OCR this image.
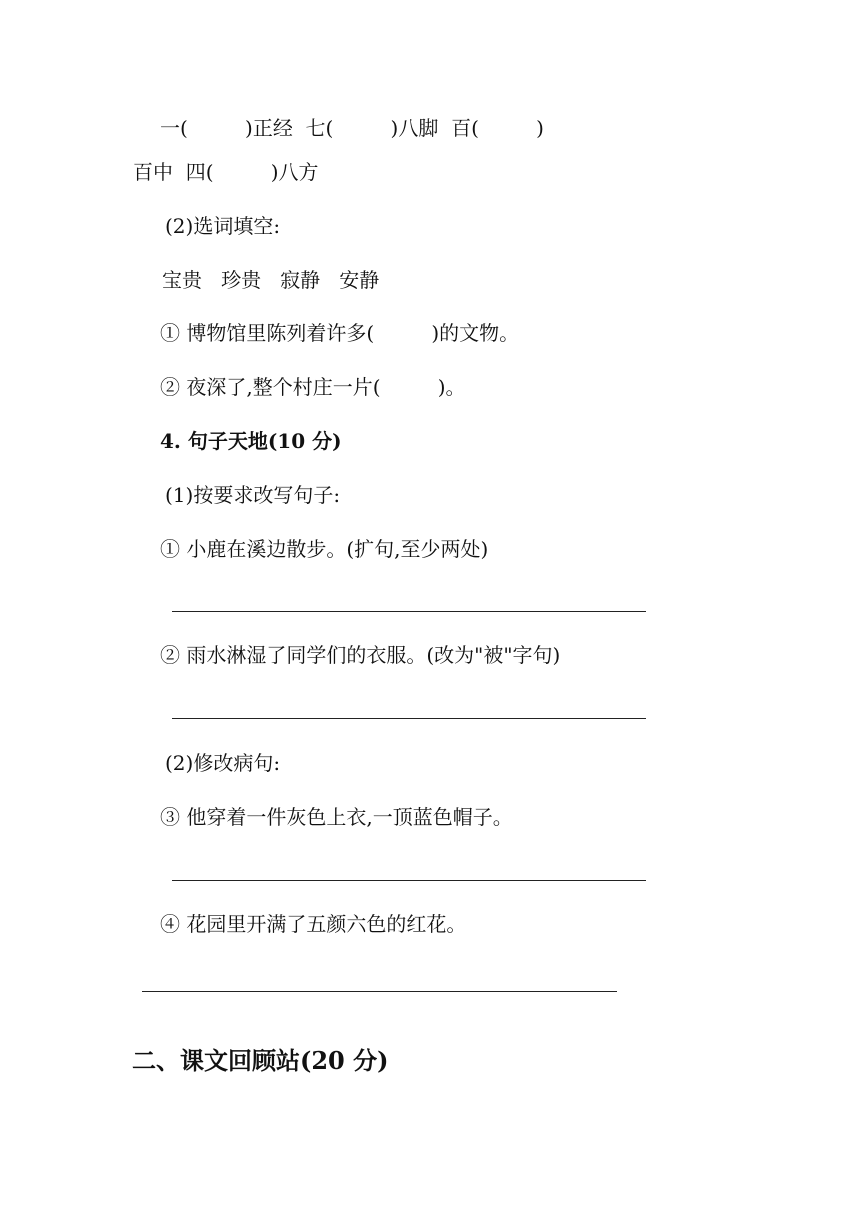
一(         )正经  七(         )八脚  百(         )
百中  四(         )八方
(2)选词填空:
宝贵   珍贵   寂静   安静
① 博物馆里陈列着许多(         )的文物。
② 夜深了,整个村庄一片(         )。
4. 句子天地(10 分)
(1)按要求改写句子:
① 小鹿在溪边散步。(扩句,至少两处)
② 雨水淋湿了同学们的衣服。(改为"被"字句)
(2)修改病句:
③ 他穿着一件灰色上衣,一顶蓝色帽子。
④ 花园里开满了五颜六色的红花。
二、课文回顾站(20 分)
